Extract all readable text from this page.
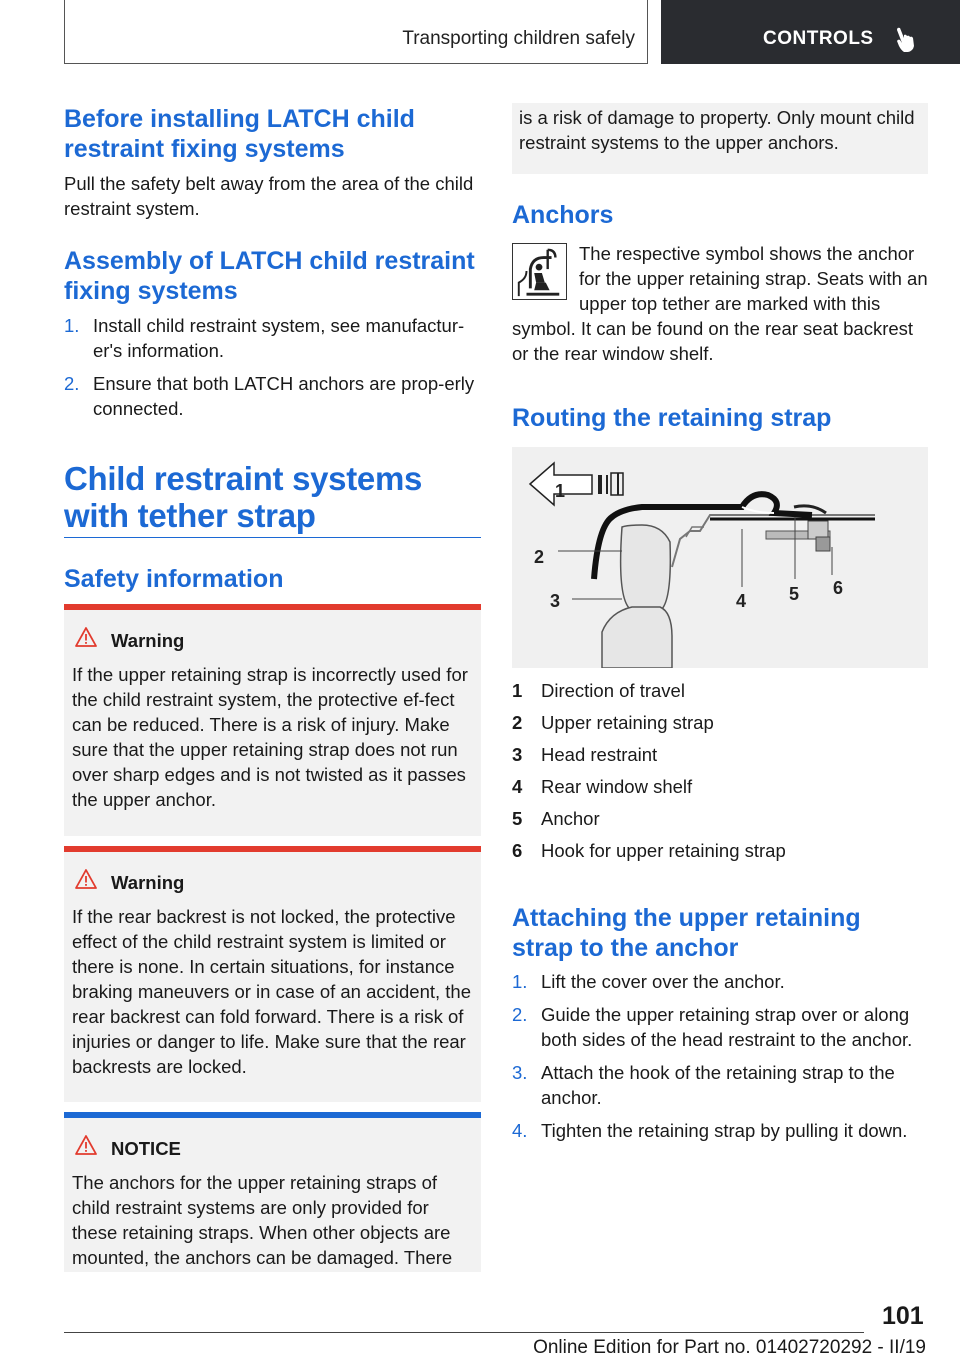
Transporting children safely	CONTROLS
Before installing LATCH child restraint fixing systems

Pull the safety belt away from the area of the child restraint system.

Assembly of LATCH child restraint fixing systems
1. Install child restraint system, see manufactur‐er's information.
2. Ensure that both LATCH anchors are prop‐erly connected.
Child restraint systems
with tether strap
Safety information
Warning

If the upper retaining strap is incorrectly used for the child restraint system, the protective ef‐fect can be reduced. There is a risk of injury. Make sure that the upper retaining strap does not run over sharp edges and is not twisted as it passes the upper anchor.

Warning

If the rear backrest is not locked, the protective effect of the child restraint system is limited or there is none. In certain situations, for instance braking maneuvers or in case of an accident, the rear backrest can fold forward. There is a risk of injuries or danger to life. Make sure that the rear backrests are locked.

NOTICE

The anchors for the upper retaining straps of child restraint systems are only provided for these retaining straps. When other objects are mounted, the anchors can be damaged. There

is a risk of damage to property. Only mount child restraint systems to the upper anchors.

Anchors

The respective symbol shows the anchor for the upper retaining strap. Seats with an upper top tether are marked with this

symbol. It can be found on the rear seat backrest or the rear window shelf.

Routing the retaining strap
1
2
3	4 5 6
1 Direction of travel
2 Upper retaining strap
3 Head restraint
4 Rear window shelf
5 Anchor
6 Hook for upper retaining strap
Attaching the upper retaining strap to the anchor
1. Lift the cover over the anchor.
2. Guide the upper retaining strap over or along both sides of the head restraint to the anchor.
3. Attach the hook of the retaining strap to the anchor.
4. Tighten the retaining strap by pulling it down.
101
Online Edition for Part no. 01402720292 - II/19
